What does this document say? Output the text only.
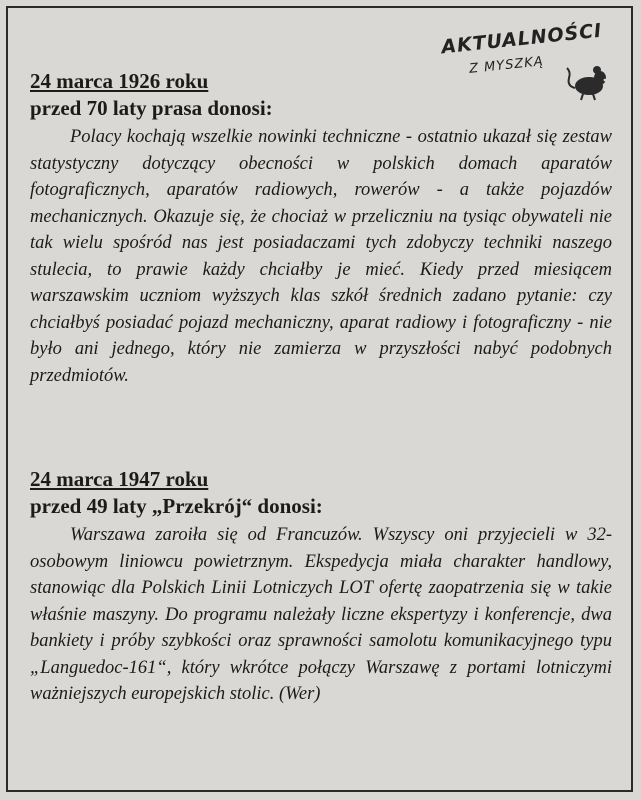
AKTUALNOŚCI
Z MYSZKĄ

24 marca 1926 roku

przed 70 laty prasa donosi:

Polacy kochają wszelkie nowinki techniczne - ostatnio ukazał się zestaw statystyczny dotyczący obecności w polskich domach aparatów fotograficznych, aparatów radiowych, rowerów - a także pojazdów mechanicznych. Okazuje się, że chociaż w przeliczniu na tysiąc obywateli nie tak wielu spośród nas jest posiadaczami tych zdobyczy techniki naszego stulecia, to prawie każdy chciałby je mieć. Kiedy przed miesiącem warszawskim uczniom wyższych klas szkół średnich zadano pytanie: czy chciałbyś posiadać pojazd mechaniczny, aparat radiowy i fotograficzny - nie było ani jednego, który nie zamierza w przyszłości nabyć podobnych przedmiotów.

24 marca 1947 roku

przed 49 laty „Przekrój“ donosi:

Warszawa zaroiła się od Francuzów. Wszyscy oni przyjecieli w 32-osobowym liniowcu powietrznym. Ekspedycja miała charakter handlowy, stanowiąc dla Polskich Linii Lotniczych LOT ofertę zaopatrzenia się w takie właśnie maszyny. Do programu należały liczne ekspertyzy i konferencje, dwa bankiety i próby szybkości oraz sprawności samolotu komunikacyjnego typu „Languedoc-161“, który wkrótce połączy Warszawę z portami lotniczymi ważniejszych europejskich stolic. (Wer)
